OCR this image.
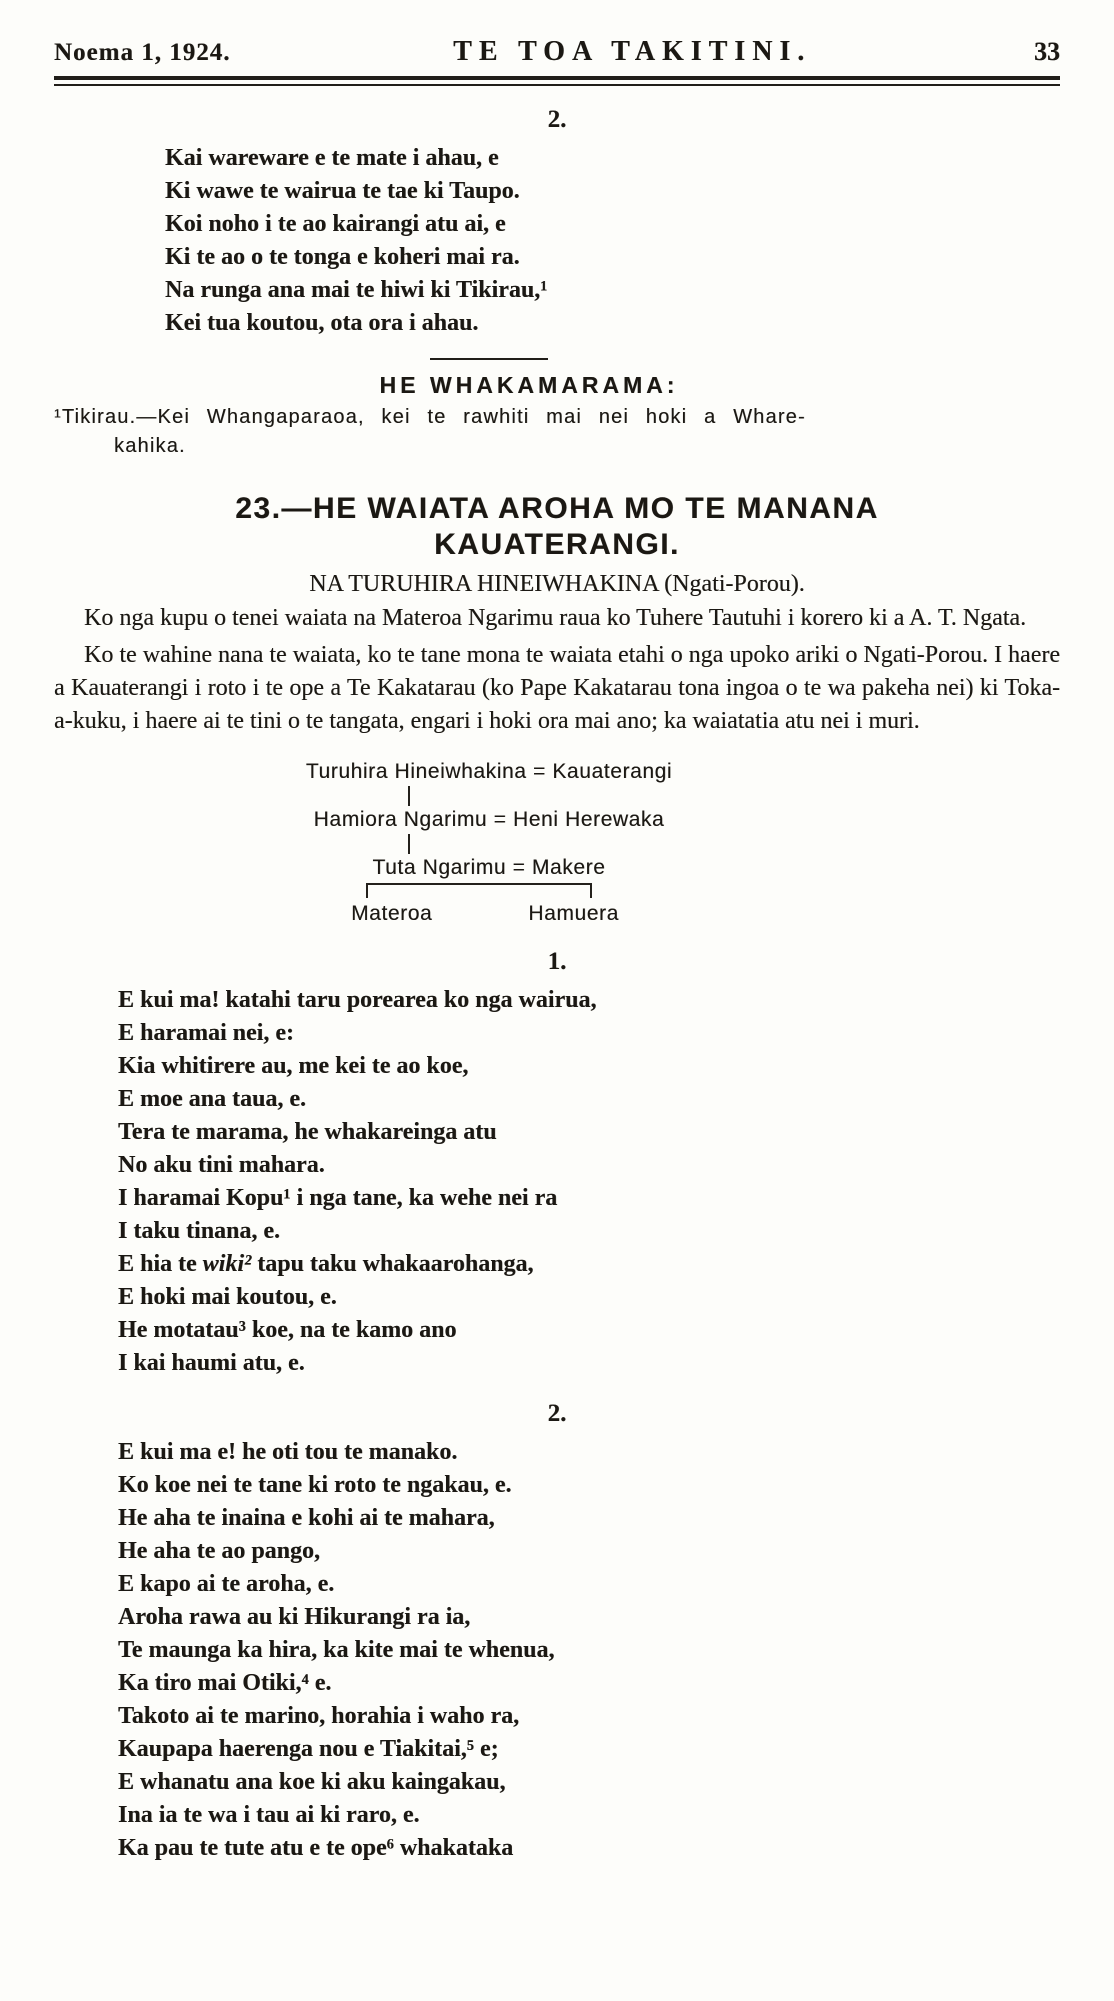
Noema 1, 1924.	TE TOA TAKITINI.	33
2.
Kai wareware e te mate i ahau, e
Ki wawe te wairua te tae ki Taupo.
Koi noho i te ao kairangi atu ai, e
Ki te ao o te tonga e koheri mai ra.
Na runga ana mai te hiwi ki Tikirau,¹
Kei tua koutou, ota ora i ahau.
HE WHAKAMARAMA:
¹Tikirau.—Kei Whangaparaoa, kei te rawhiti mai nei hoki a Whare-
kahika.
23.—HE WAIATA AROHA MO TE MANANA
KAUATERANGI.
NA TURUHIRA HINEIWHAKINA (Ngati-Porou).

Ko nga kupu o tenei waiata na Materoa Ngarimu raua ko Tuhere Tautuhi i korero ki a A. T. Ngata.

Ko te wahine nana te waiata, ko te tane mona te waiata etahi o nga upoko ariki o Ngati-Porou. I haere a Kauaterangi i roto i te ope a Te Kakatarau (ko Pape Kakatarau tona ingoa o te wa pakeha nei) ki Toka-a-kuku, i haere ai te tini o te tangata, engari i hoki ora mai ano; ka waiatatia atu nei i muri.

Turuhira Hineiwhakina = Kauaterangi
Hamiora Ngarimu = Heni Herewaka
Tuta Ngarimu = Makere
Materoa	Hamuera
1.
E kui ma! katahi taru porearea ko nga wairua,
E haramai nei, e:
Kia whitirere au, me kei te ao koe,
E moe ana taua, e.
Tera te marama, he whakareinga atu
No aku tini mahara.
I haramai Kopu¹ i nga tane, ka wehe nei ra
I taku tinana, e.
E hia te wiki² tapu taku whakaarohanga,
E hoki mai koutou, e.
He motatau³ koe, na te kamo ano
I kai haumi atu, e.
2.
E kui ma e! he oti tou te manako.
Ko koe nei te tane ki roto te ngakau, e.
He aha te inaina e kohi ai te mahara,
He aha te ao pango,
E kapo ai te aroha, e.
Aroha rawa au ki Hikurangi ra ia,
Te maunga ka hira, ka kite mai te whenua,
Ka tiro mai Otiki,⁴ e.
Takoto ai te marino, horahia i waho ra,
Kaupapa haerenga nou e Tiakitai,⁵ e;
E whanatu ana koe ki aku kaingakau,
Ina ia te wa i tau ai ki raro, e.
Ka pau te tute atu e te ope⁶ whakataka
